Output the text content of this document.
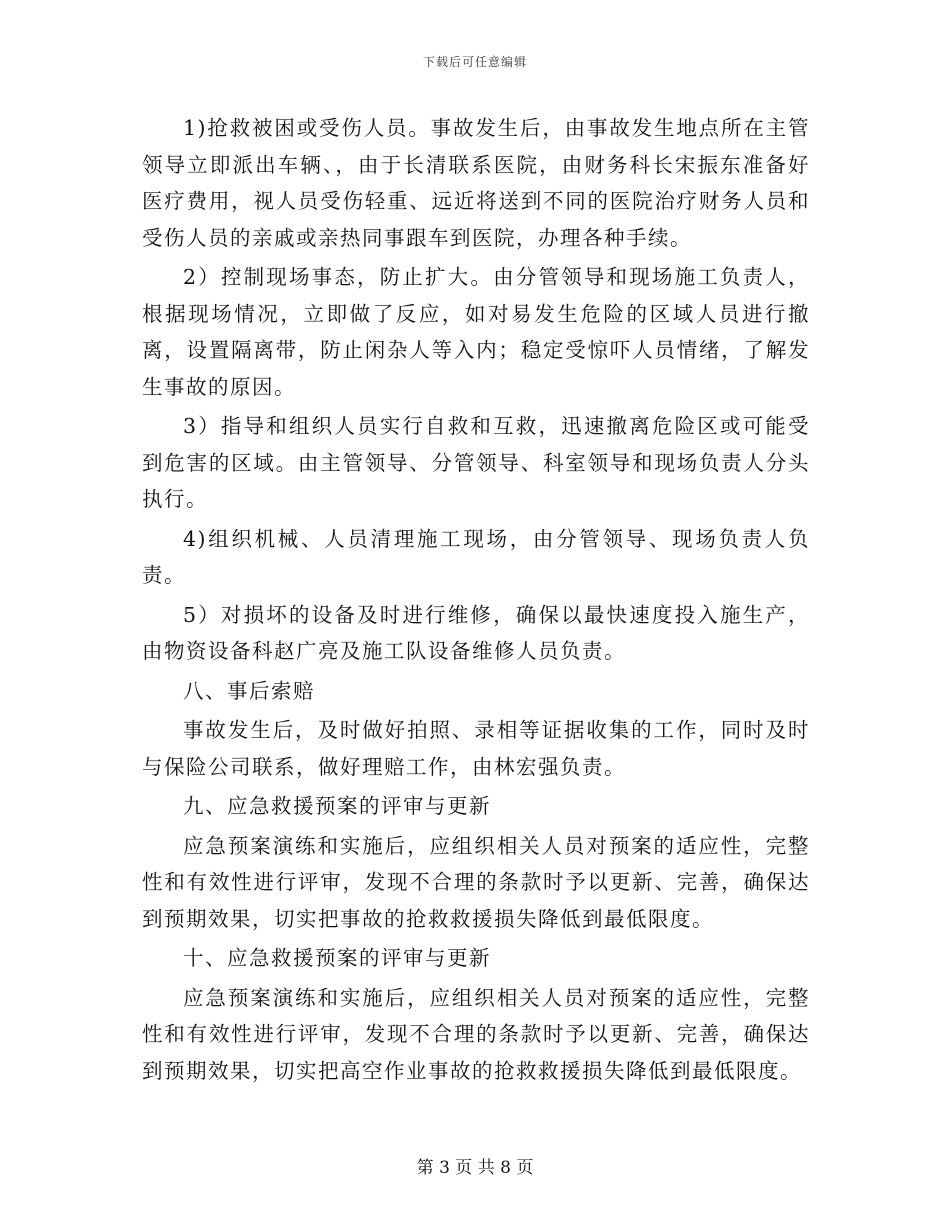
下载后可任意编辑

1)抢救被困或受伤人员。事故发生后，由事故发生地点所在主管领导立即派出车辆、，由于长清联系医院，由财务科长宋振东准备好医疗费用，视人员受伤轻重、远近将送到不同的医院治疗财务人员和受伤人员的亲戚或亲热同事跟车到医院，办理各种手续。

2）控制现场事态，防止扩大。由分管领导和现场施工负责人，根据现场情况，立即做了反应，如对易发生危险的区域人员进行撤离，设置隔离带，防止闲杂人等入内；稳定受惊吓人员情绪，了解发生事故的原因。

3）指导和组织人员实行自救和互救，迅速撤离危险区或可能受到危害的区域。由主管领导、分管领导、科室领导和现场负责人分头执行。

4)组织机械、人员清理施工现场，由分管领导、现场负责人负责。

5）对损坏的设备及时进行维修，确保以最快速度投入施生产，由物资设备科赵广亮及施工队设备维修人员负责。

八、事后索赔

事故发生后，及时做好拍照、录相等证据收集的工作，同时及时与保险公司联系，做好理赔工作，由林宏强负责。

九、应急救援预案的评审与更新

应急预案演练和实施后，应组织相关人员对预案的适应性，完整性和有效性进行评审，发现不合理的条款时予以更新、完善，确保达到预期效果，切实把事故的抢救救援损失降低到最低限度。

十、应急救援预案的评审与更新

应急预案演练和实施后，应组织相关人员对预案的适应性，完整性和有效性进行评审，发现不合理的条款时予以更新、完善，确保达到预期效果，切实把高空作业事故的抢救救援损失降低到最低限度。

第 3 页 共 8 页
